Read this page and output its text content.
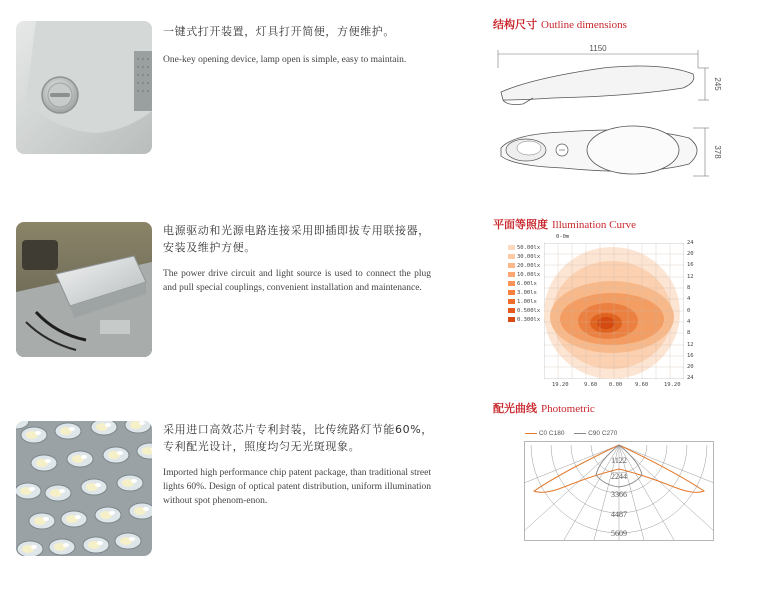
一键式打开装置，灯具打开简便，方便维护。
One-key opening device, lamp open is simple, easy to maintain.
电源驱动和光源电路连接采用即插即拔专用联接器，安装及维护方便。
The power drive circuit and light source is used to connect the plug and pull special couplings, convenient installation and maintenance.
采用进口高效芯片专利封装，比传统路灯节能60%，专利配光设计，照度均匀无光斑现象。
Imported high performance chip patent package, than traditional street lights 60%. Design of optical patent distribution, uniform illumination without spot phenom-enon.
结构尺寸 Outline dimensions
1150
245
378
平面等照度 Illumination Curve
0-0m
50.00lx
30.00lx
20.00lx
10.00lx
6.00lx
3.00lx
1.00lx
0.500lx
0.300lx
24
20
16
12
8
4
0
4
8
12
16
20
24
19.20	9.60 0.00 9.60	19.20
配光曲线 Photometric
C0 C180	C90 C270
1122
2244
3366
4487
5609
